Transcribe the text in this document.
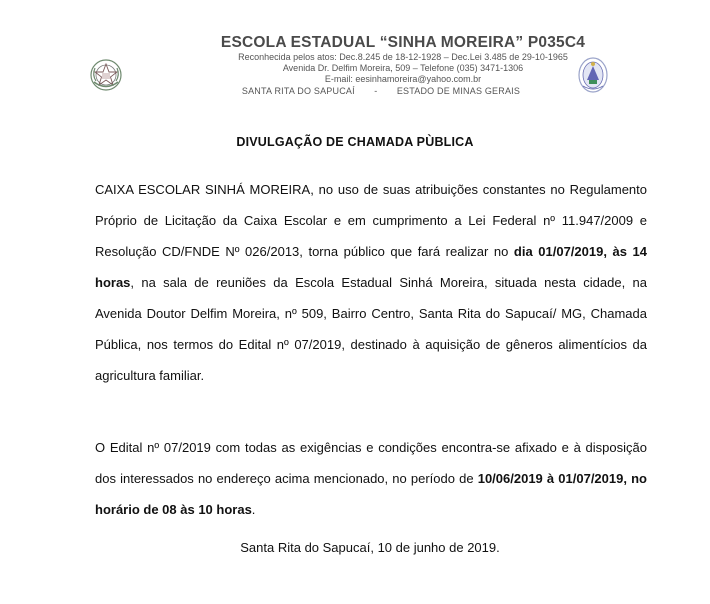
ESCOLA ESTADUAL “SINHA MOREIRA” P035C4
Reconhecida pelos atos: Dec.8.245 de 18-12-1928 – Dec.Lei 3.485 de 29-10-1965
Avenida Dr. Delfim Moreira, 509 – Telefone (035) 3471-1306
E-mail: eesinhamoreira@yahoo.com.br
SANTA RITA DO SAPUCAÍ - ESTADO DE MINAS GERAIS
DIVULGAÇÃO DE CHAMADA PÙBLICA
CAIXA ESCOLAR SINHÁ MOREIRA, no uso de suas atribuições constantes no Regulamento Próprio de Licitação da Caixa Escolar e em cumprimento a Lei Federal nº 11.947/2009 e Resolução CD/FNDE Nº 026/2013, torna público que fará realizar no dia 01/07/2019, às 14 horas, na sala de reuniões da Escola Estadual Sinhá Moreira, situada nesta cidade, na Avenida Doutor Delfim Moreira, nº 509, Bairro Centro, Santa Rita do Sapucaí/ MG, Chamada Pública, nos termos do Edital nº 07/2019, destinado à aquisição de gêneros alimentícios da agricultura familiar.
O Edital nº 07/2019 com todas as exigências e condições encontra-se afixado e à disposição dos interessados no endereço acima mencionado, no período de 10/06/2019 à 01/07/2019, no horário de 08 às 10 horas.
Santa Rita do Sapucaí, 10 de junho de 2019.
